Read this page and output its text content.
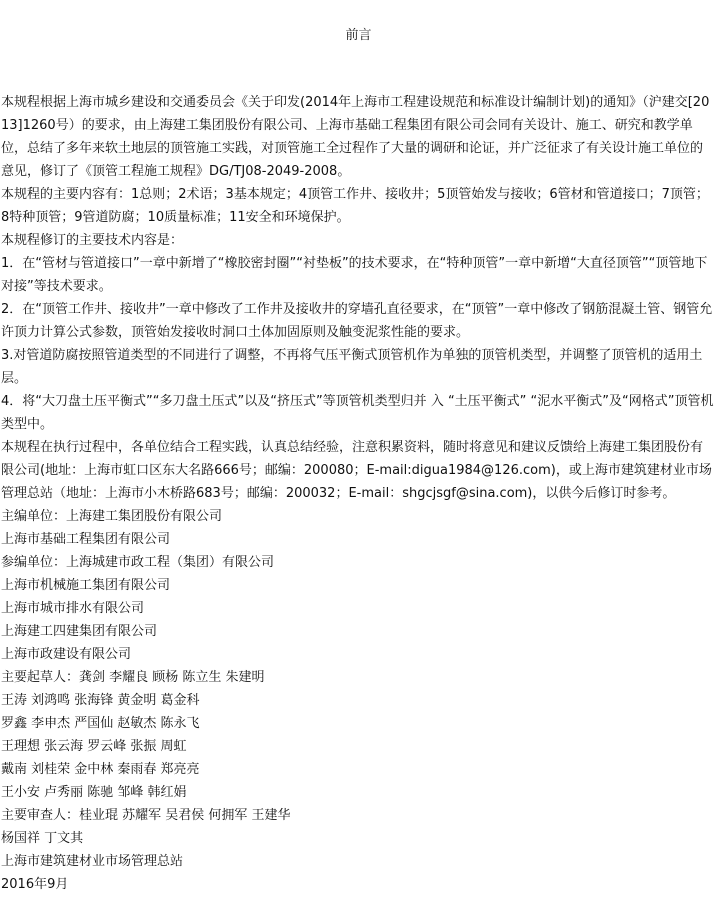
前言

本规程根据上海市城乡建设和交通委员会《关于印发(2014年上海市工程建设规范和标准设计编制计划)的通知》（沪建交[2013]1260号）的要求，由上海建工集团股份有限公司、上海市基础工程集团有限公司会同有关设计、施工、研究和教学单位，总结了多年来软土地层的顶管施工实践，对顶管施工全过程作了大量的调研和论证，并广泛征求了有关设计施工单位的意见，修订了《顶管工程施工规程》DG/TJ08-2049-2008。

本规程的主要内容有：1总则；2术语；3基本规定；4顶管工作井、接收井；5顶管始发与接收；6管材和管道接口；7顶管；8特种顶管；9管道防腐；10质量标准；11安全和环境保护。

本规程修订的主要技术内容是：

1．在“管材与管道接口”一章中新增了“橡胶密封圈”“衬垫板”的技术要求，在“特种顶管”一章中新增“大直径顶管”“顶管地下对接”等技术要求。

2．在“顶管工作井、接收井”一章中修改了工作井及接收井的穿墙孔直径要求，在“顶管”一章中修改了钢筋混凝土管、钢管允许顶力计算公式参数，顶管始发接收时洞口土体加固原则及触变泥浆性能的要求。

3.对管道防腐按照管道类型的不同进行了调整，不再将气压平衡式顶管机作为单独的顶管机类型，并调整了顶管机的适用土层。

4．将“大刀盘土压平衡式”“多刀盘土压式”以及“挤压式”等顶管机类型归并 入 “土压平衡式” “泥水平衡式”及“网格式”顶管机类型中。

本规程在执行过程中，各单位结合工程实践，认真总结经验，注意积累资料，随时将意见和建议反馈给上海建工集团股份有限公司(地址：上海市虹口区东大名路666号；邮编：200080；E-mail:digua1984@126.com)，或上海市建筑建材业市场管理总站（地址：上海市小木桥路683号；邮编：200032；E-mail：shgcjsgf@sina.com)，以供今后修订时参考。

主编单位：上海建工集团股份有限公司
上海市基础工程集团有限公司
参编单位：上海城建市政工程（集团）有限公司
上海市机械施工集团有限公司
上海市城市排水有限公司
上海建工四建集团有限公司
上海市政建设有限公司
主要起草人：龚剑 李耀良 顾杨 陈立生 朱建明
王涛 刘鸿鸣 张海锋 黄金明 葛金科
罗鑫 李申杰 严国仙 赵敏杰 陈永飞
王理想 张云海 罗云峰 张振 周虹
戴南 刘桂荣 金中林 秦雨春 郑亮亮
王小安 卢秀丽 陈驰 邹峰 韩红娟
主要审查人：桂业琨 苏耀军 吴君侯 何拥军 王建华
杨国祥 丁文其
上海市建筑建材业市场管理总站
2016年9月
